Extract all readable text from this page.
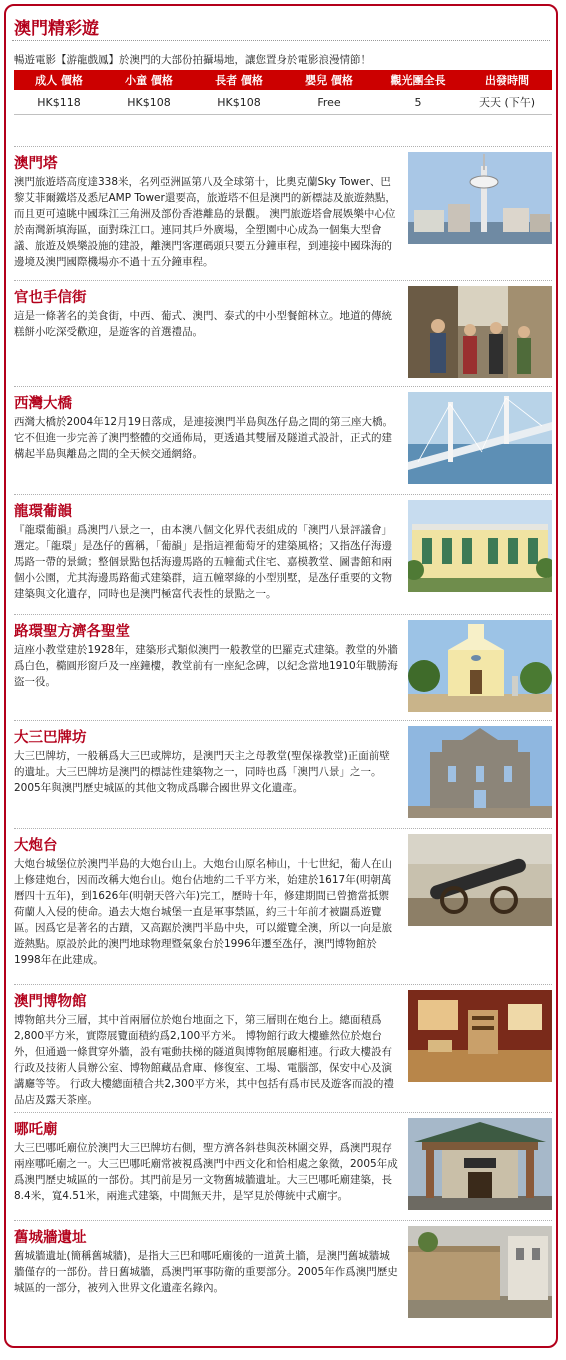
澳門精彩遊
暢遊電影【游龍戲鳳】於澳門的大部份拍攝場地，讓您置身於電影浪漫情節！
成人 價格	小童 價格	長者 價格	嬰兒 價格	觀光團全長	出發時間
HK$118	HK$108	HK$108	Free	5	天天 (下午)
澳門塔

澳門旅遊塔高度達338米，名列亞洲區第八及全球第十，比奧克蘭Sky Tower、巴黎艾菲爾鐵塔及悉尼AMP Tower還要高，旅遊塔不但是澳門的新標誌及旅遊熱點，而且更可遠眺中國珠江三角洲及部份香港離島的景觀。 澳門旅遊塔會展娛樂中心位於南灣新填海區，面對珠江口。連同其戶外廣場，全塑園中心成為一個集大型會議、旅遊及娛樂設施的建設，離澳門客運碼頭只要五分鐘車程，到連接中國珠海的邊境及澳門國際機場亦不過十五分鐘車程。

官也手信街

這是一條著名的美食街，中西、葡式、澳門、泰式的中小型餐館林立。地道的傳統糕餅小吃深受歡迎，是遊客的首選禮品。

西灣大橋

西灣大橋於2004年12月19日落成，是連接澳門半島與氹仔島之間的第三座大橋。它不但進一步完善了澳門整體的交通佈局，更透過其雙層及隧道式設計，正式的建構起半島與離島之間的全天候交通網絡。

龍環葡韻

『龍環葡韻』爲澳門八景之一，由本澳八個文化界代表組成的「澳門八景評議會」選定。「龍環」是氹仔的舊稱，「葡韻」是指這裡葡萄牙的建築風格；又指氹仔海邊馬路一帶的景緻；整個景點包括海邊馬路的五幢葡式住宅、嘉模教堂、圖書館和兩個小公園，尤其海邊馬路葡式建築群，這五幢翠綠的小型別墅，是氹仔重要的文物建築與文化遺存，同時也是澳門極富代表性的景點之一。

路環聖方濟各聖堂

這座小教堂建於1928年，建築形式類似澳門一般教堂的巴羅克式建築。教堂的外牆爲白色，橢圓形窗戶及一座鐘樓，教堂前有一座紀念碑，以紀念當地1910年戰勝海盜一役。

大三巴牌坊

大三巴牌坊，一般稱爲大三巴或牌坊，是澳門天主之母教堂(聖保祿教堂)正面前壁的遺址。大三巴牌坊是澳門的標誌性建築物之一，同時也爲「澳門八景」之一。2005年與澳門歷史城區的其他文物成爲聯合國世界文化遺產。

大炮台

大炮台城堡位於澳門半島的大炮台山上。大炮台山原名柿山，十七世紀，葡人在山上修建炮台，因而改稱大炮台山。炮台佔地約二千平方米，始建於1617年(明朝萬曆四十五年)，到1626年(明朝天啓六年)完工，歷時十年，修建期間已曾擔當抵禦荷蘭人入侵的使命。過去大炮台城堡一直是軍事禁區，約三十年前才被闢爲遊覽區。因爲它是著名的古蹟，又高踞於澳門半島中央，可以縱覽全澳，所以一向是旅遊熱點。原設於此的澳門地球物理暨氣象台於1996年遷至氹仔，澳門博物館於1998年在此建成。

澳門博物館

博物館共分三層，其中首兩層位於炮台地面之下，第三層則在炮台上。總面積爲2,800平方米，實際展覽面積約爲2,100平方米。 博物館行政大樓雖然位於炮台外，但通過一條貫穿外牆，設有電動扶梯的隧道與博物館展廳相連。行政大樓設有行政及技術人員辦公室、博物館藏品倉庫、修復室、工場、電腦部，保安中心及演講廳等等。 行政大樓總面積合共2,300平方米，其中包括有爲市民及遊客而設的禮品店及露天茶座。

哪吒廟

大三巴哪吒廟位於澳門大三巴牌坊右側，聖方濟各斜巷與茨林圍交界，爲澳門現存兩座哪吒廟之一。大三巴哪吒廟常被視爲澳門中西文化和恰相處之象徵，2005年成爲澳門歷史城區的一部份。其門前是另一文物舊城牆遺址。大三巴哪吒廟建築，長8.4米，寬4.51米，兩進式建築，中間無天井，是罕見於傳統中式廟宇。

舊城牆遺址

舊城牆遺址(簡稱舊城牆)，是指大三巴和哪吒廟後的一道黃土牆，是澳門舊城牆城牆僅存的一部份。昔日舊城牆，爲澳門軍事防衛的重要部分。2005年作爲澳門歷史城區的一部分，被列入世界文化遺產名錄內。
